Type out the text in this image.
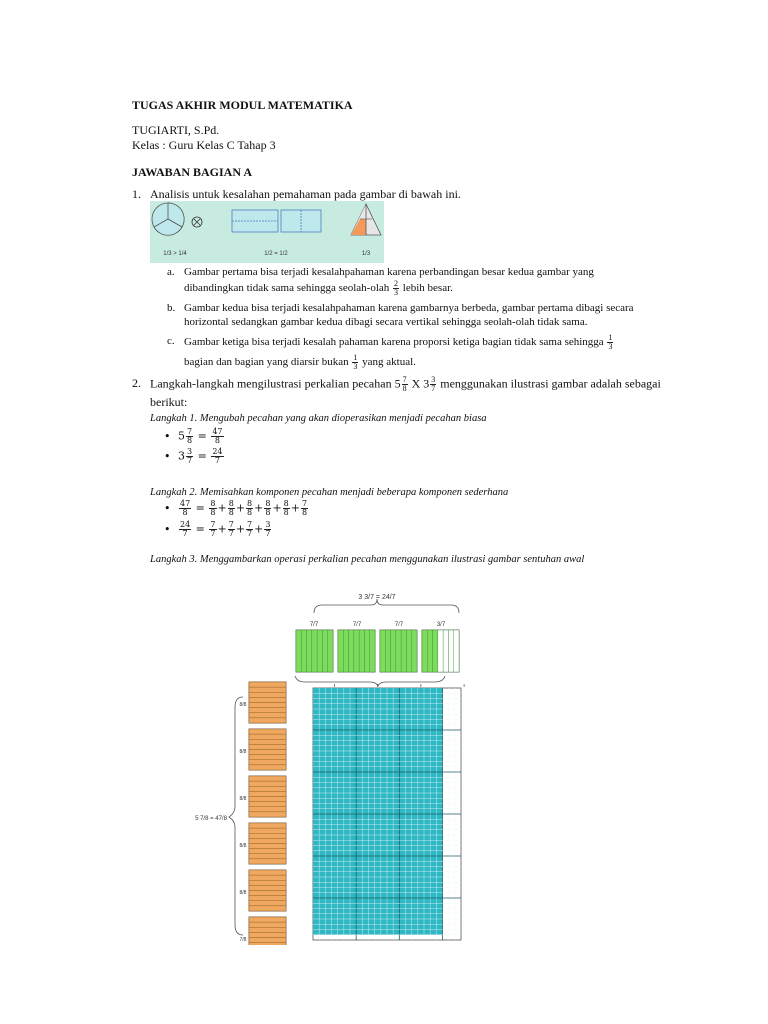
TUGAS AKHIR MODUL MATEMATIKA
TUGIARTI, S.Pd.
Kelas : Guru Kelas C Tahap 3
JAWABAN BAGIAN A
1. Analisis untuk kesalahan pemahaman pada gambar di bawah ini.
1/3 > 1/4	1/2 = 1/2	1/3
a. Gambar pertama bisa terjadi kesalahpahaman karena perbandingan besar kedua gambar yang
dibandingkan tidak sama sehingga seolah-olah $\frac{2}{3}$ lebih besar.
b. Gambar kedua bisa terjadi kesalahpahaman karena gambarnya berbeda, gambar pertama dibagi secara
horizontal sedangkan gambar kedua dibagi secara vertikal sehingga seolah-olah tidak sama.
c. Gambar ketiga bisa terjadi kesalah pahaman karena proporsi ketiga bagian tidak sama sehingga $\frac{1}{3}$
bagian dan bagian yang diarsir bukan $\frac{1}{3}$ yang aktual.
2. Langkah-langkah mengilustrasi perkalian pecahan $5 \frac{7}{8}$ X $3 \frac{3}{7}$ menggunakan ilustrasi gambar adalah sebagai
berikut:
Langkah 1. Mengubah pecahan yang akan dioperasikan menjadi pecahan biasa
• $5 \frac{7}{8} = \frac{47}{8}$
• $3 \frac{3}{7} = \frac{24}{7}$
Langkah 2. Memisahkan komponen pecahan menjadi beberapa komponen sederhana
• $\frac{47}{8} = \frac{8}{8} + \frac{8}{8} + \frac{8}{8} + \frac{8}{8} + \frac{8}{8} + \frac{7}{8}$
• $\frac{24}{7} = \frac{7}{7} + \frac{7}{7} + \frac{7}{7} + \frac{3}{7}$
Langkah 3. Menggambarkan operasi perkalian pecahan menggunakan ilustrasi gambar sentuhan awal
3 3/7 = 24/7
7/7	7/7	7/7	3/7
5 7/8 = 47/8
8/8
8/8
8/8
8/8
8/8
7/8
